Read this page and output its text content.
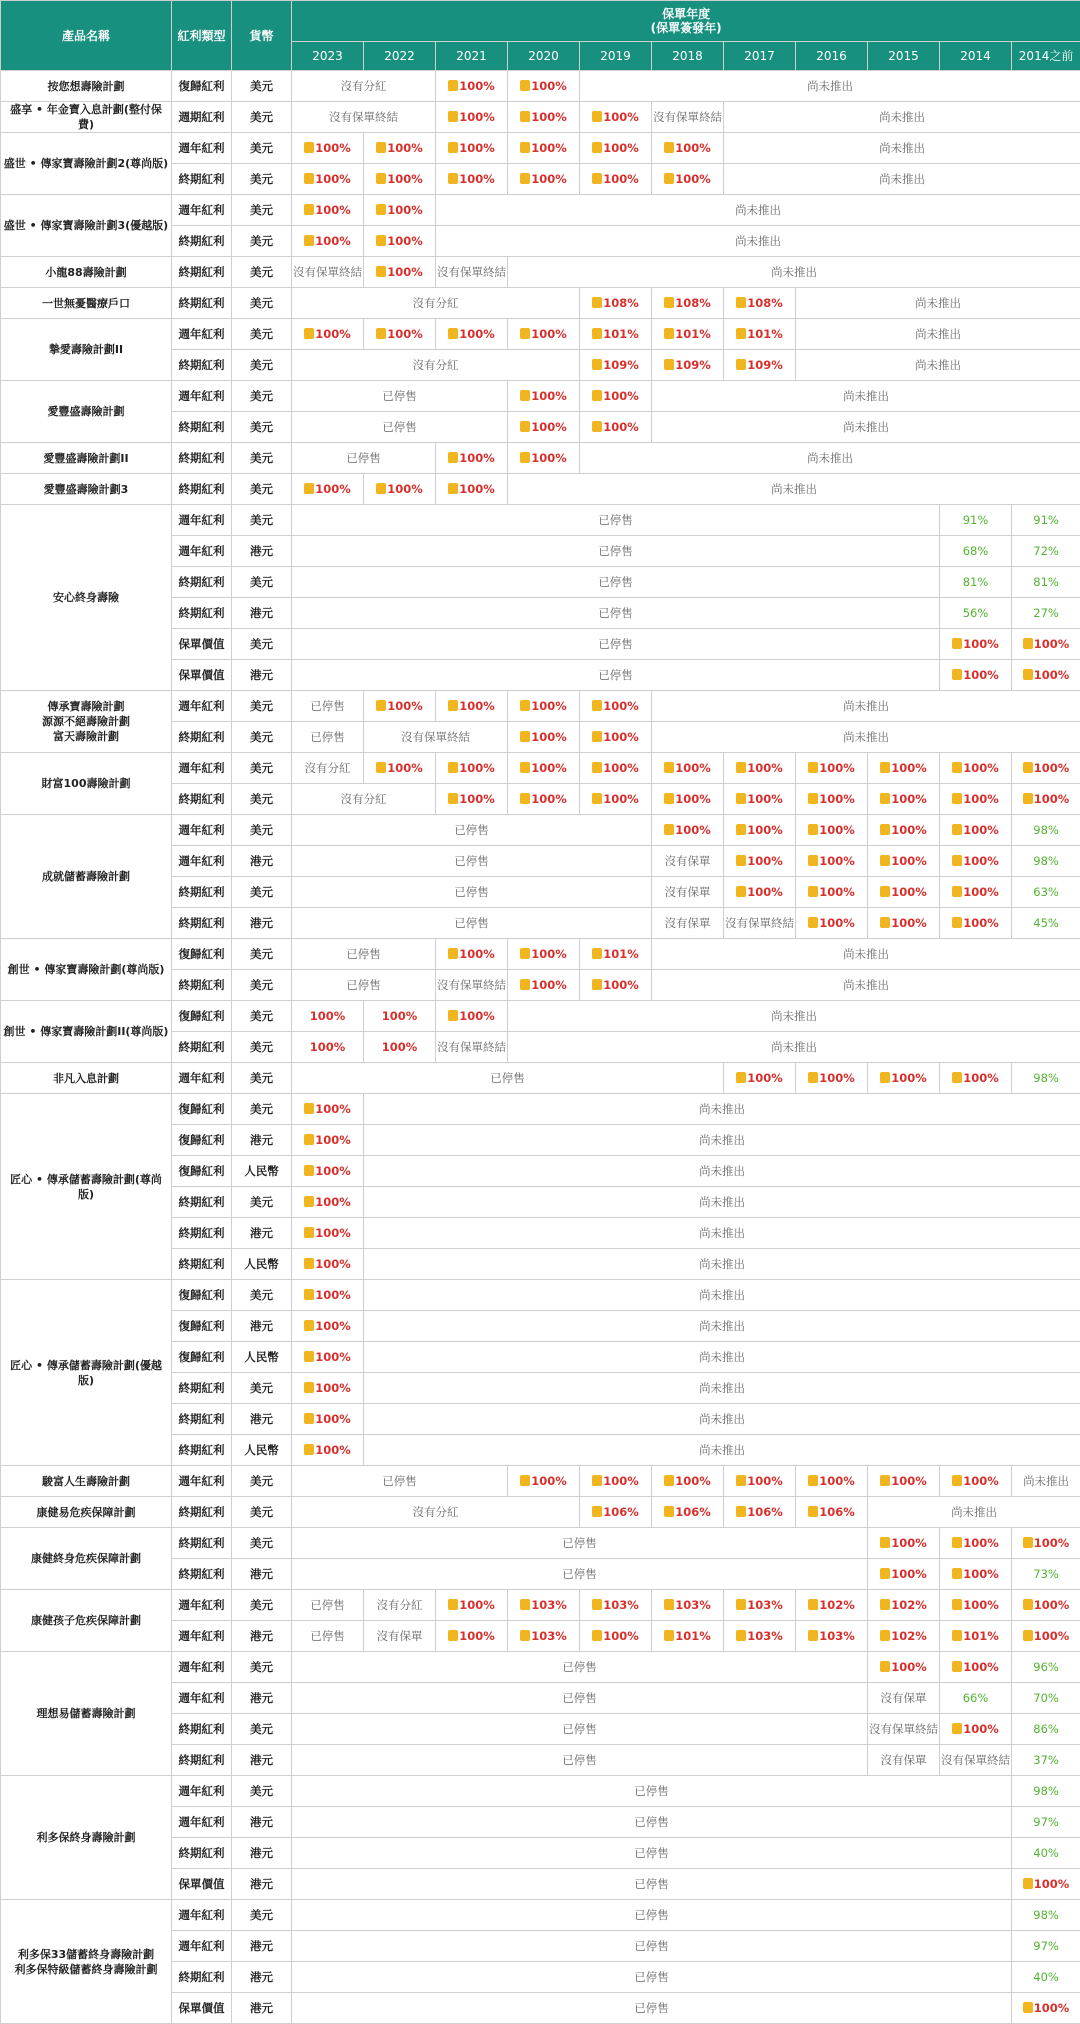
產品名稱	紅利類型	貨幣	保單年度
(保單簽發年)										
			2023	2022	2021	2020	2019	2018	2017	2016	2015	2014	2014之前
按您想壽險計劃	復歸紅利	美元	沒有分紅		100%	100%	尚未推出						
盛享 • 年金寶入息計劃(整付保費)	週期紅利	美元	沒有保單終結		100%	100%	100%	沒有保單終結	尚未推出				
盛世 • 傳家寶壽險計劃2(尊尚版)	週年紅利	美元	100%	100%	100%	100%	100%	100%	尚未推出				
	終期紅利	美元	100%	100%	100%	100%	100%	100%	尚未推出				
盛世 • 傳家寶壽險計劃3(優越版)	週年紅利	美元	100%	100%	尚未推出								
	終期紅利	美元	100%	100%	尚未推出								
小龍88壽險計劃	終期紅利	美元	沒有保單終結	100%	沒有保單終結	尚未推出							
一世無憂醫療戶口	終期紅利	美元	沒有分紅				108%	108%	108%	尚未推出			
摯愛壽險計劃II	週年紅利	美元	100%	100%	100%	100%	101%	101%	101%	尚未推出			
	終期紅利	美元	沒有分紅				109%	109%	109%	尚未推出			
愛豐盛壽險計劃	週年紅利	美元	已停售			100%	100%	尚未推出					
	終期紅利	美元	已停售			100%	100%	尚未推出					
愛豐盛壽險計劃II	終期紅利	美元	已停售		100%	100%	尚未推出						
愛豐盛壽險計劃3	終期紅利	美元	100%	100%	100%	尚未推出							
安心終身壽險	週年紅利	美元	已停售									91%	91%
	週年紅利	港元	已停售									68%	72%
	終期紅利	美元	已停售									81%	81%
	終期紅利	港元	已停售									56%	27%
	保單價值	美元	已停售									100%	100%
	保單價值	港元	已停售									100%	100%
傳承寶壽險計劃
源源不絕壽險計劃
富天壽險計劃	週年紅利	美元	已停售	100%	100%	100%	100%	尚未推出					
	終期紅利	美元	已停售	沒有保單終結		100%	100%	尚未推出					
財富100壽險計劃	週年紅利	美元	沒有分紅	100%	100%	100%	100%	100%	100%	100%	100%	100%	100%
	終期紅利	美元	沒有分紅		100%	100%	100%	100%	100%	100%	100%	100%	100%
成就儲蓄壽險計劃	週年紅利	美元	已停售					100%	100%	100%	100%	100%	98%
	週年紅利	港元	已停售					沒有保單	100%	100%	100%	100%	98%
	終期紅利	美元	已停售					沒有保單	100%	100%	100%	100%	63%
	終期紅利	港元	已停售					沒有保單	沒有保單終結	100%	100%	100%	45%
創世 • 傳家寶壽險計劃(尊尚版)	復歸紅利	美元	已停售		100%	100%	101%	尚未推出					
	終期紅利	美元	已停售		沒有保單終結	100%	100%	尚未推出					
創世 • 傳家寶壽險計劃II(尊尚版)	復歸紅利	美元	100%	100%	100%	尚未推出							
	終期紅利	美元	100%	100%	沒有保單終結	尚未推出							
非凡入息計劃	週年紅利	美元	已停售						100%	100%	100%	100%	98%
匠心 • 傳承儲蓄壽險計劃(尊尚版)	復歸紅利	美元	100%	尚未推出									
	復歸紅利	港元	100%	尚未推出									
	復歸紅利	人民幣	100%	尚未推出									
	終期紅利	美元	100%	尚未推出									
	終期紅利	港元	100%	尚未推出									
	終期紅利	人民幣	100%	尚未推出									
匠心 • 傳承儲蓄壽險計劃(優越版)	復歸紅利	美元	100%	尚未推出									
	復歸紅利	港元	100%	尚未推出									
	復歸紅利	人民幣	100%	尚未推出									
	終期紅利	美元	100%	尚未推出									
	終期紅利	港元	100%	尚未推出									
	終期紅利	人民幣	100%	尚未推出									
駿富人生壽險計劃	週年紅利	美元	已停售			100%	100%	100%	100%	100%	100%	100%	尚未推出
康健易危疾保障計劃	終期紅利	美元	沒有分紅				106%	106%	106%	106%	尚未推出		
康健終身危疾保障計劃	終期紅利	美元	已停售								100%	100%	100%
	終期紅利	港元	已停售								100%	100%	73%
康健孩子危疾保障計劃	週年紅利	美元	已停售	沒有分紅	100%	103%	103%	103%	103%	102%	102%	100%	100%
	週年紅利	港元	已停售	沒有保單	100%	103%	100%	101%	103%	103%	102%	101%	100%
理想易儲蓄壽險計劃	週年紅利	美元	已停售								100%	100%	96%
	週年紅利	港元	已停售								沒有保單	66%	70%
	終期紅利	美元	已停售								沒有保單終結	100%	86%
	終期紅利	港元	已停售								沒有保單	沒有保單終結	37%
利多保終身壽險計劃	週年紅利	美元	已停售										98%
	週年紅利	港元	已停售										97%
	終期紅利	港元	已停售										40%
	保單價值	港元	已停售										100%
利多保33儲蓄終身壽險計劃
利多保特級儲蓄終身壽險計劃	週年紅利	美元	已停售										98%
	週年紅利	港元	已停售										97%
	終期紅利	港元	已停售										40%
	保單價值	港元	已停售										100%
